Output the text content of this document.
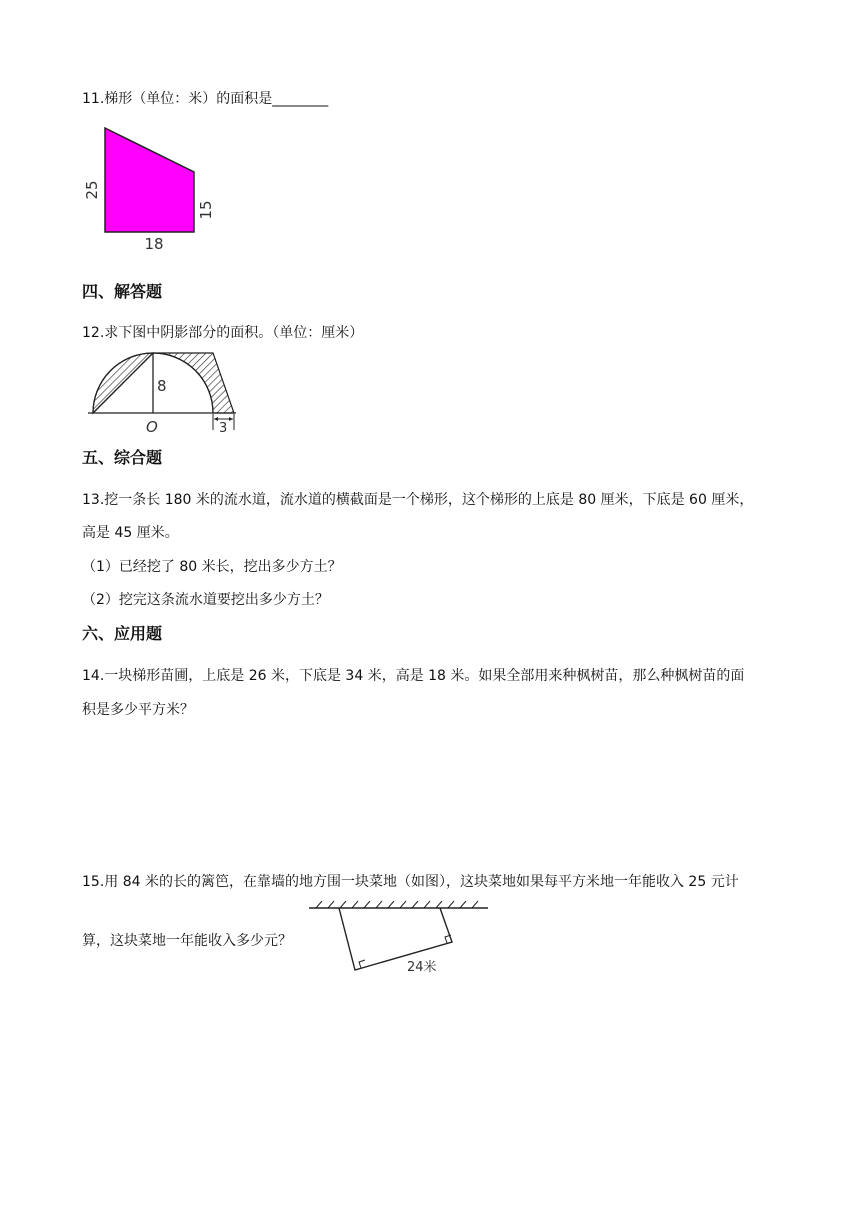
11.梯形（单位：米）的面积是________
25
15
18
四、解答题
12.求下图中阴影部分的面积。（单位：厘米）
8
O	3
五、综合题
13.挖一条长 180 米的流水道，流水道的横截面是一个梯形，这个梯形的上底是 80 厘米，下底是 60 厘米，
高是 45 厘米。
（1）已经挖了 80 米长，挖出多少方土？
（2）挖完这条流水道要挖出多少方土？
六、应用题
14.一块梯形苗圃，上底是 26 米，下底是 34 米，高是 18 米。如果全部用来种枫树苗，那么种枫树苗的面
积是多少平方米？
15.用 84 米的长的篱笆，在靠墙的地方围一块菜地（如图），这块菜地如果每平方米地一年能收入 25 元计
算，这块菜地一年能收入多少元？
24米
